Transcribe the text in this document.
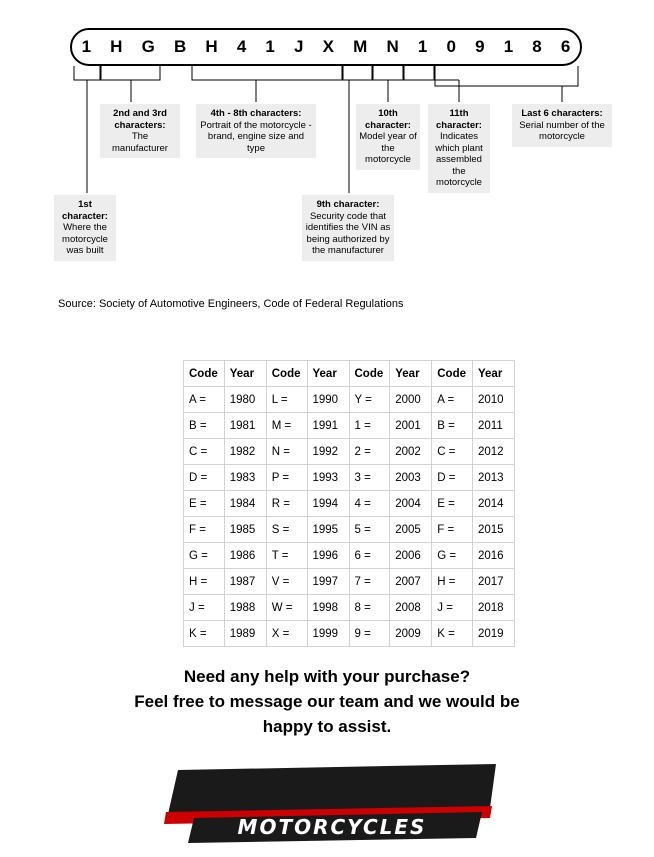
1	H	G	B	H	4	1	J	X	M	N	1	0	9	1	8	6
1st character:
Where the motorcycle was built
2nd and 3rd characters:
The manufacturer
4th - 8th characters:
Portrait of the motorcycle - brand, engine size and type
9th character:
Security code that identifies the VIN as being authorized by the manufacturer
10th character:
Model year of the motorcycle
11th character:
Indicates which plant assembled the motorcycle
Last 6 characters:
Serial number of the motorcycle
Source: Society of Automotive Engineers, Code of Federal Regulations
Code	Year	Code	Year	Code	Year	Code	Year
A =	1980	L =	1990	Y =	2000	A =	2010
B =	1981	M =	1991	1 =	2001	B =	2011
C =	1982	N =	1992	2 =	2002	C =	2012
D =	1983	P =	1993	3 =	2003	D =	2013
E =	1984	R =	1994	4 =	2004	E =	2014
F =	1985	S =	1995	5 =	2005	F =	2015
G =	1986	T =	1996	6 =	2006	G =	2016
H =	1987	V =	1997	7 =	2007	H =	2017
J =	1988	W =	1998	8 =	2008	J =	2018
K =	1989	X =	1999	9 =	2009	K =	2019
Need any help with your purchase?
Feel free to message our team and we would be
happy to assist.
Firestorm
MOTORCYCLES
